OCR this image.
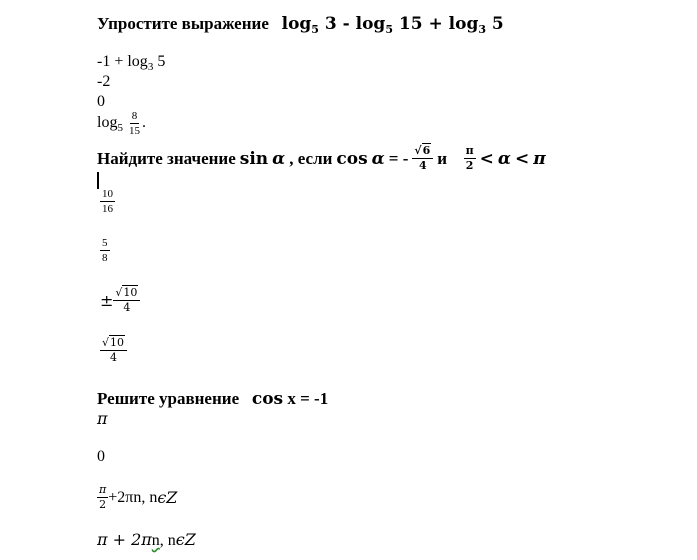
Упростите выражение $\log_5 3 - \log_5 15 + \log_3 5$
$-1 + \log_3 5$
-2
0
$\log_5 \frac{8}{15}$ .
Найдите значение sin α , если cos α = - $\frac{√6}{4}$ и
$\frac{\pi}{2} < \alpha < \pi$
$\frac{10}{16}$
$\frac{5}{8}$
± $\frac{√10}{4}$
$\frac{√10}{4}$
Решите уравнение cos x = -1
π
0
$\frac{\pi}{2} +2\pi n$, n ϵZ
π + 2πn, nϵZ
